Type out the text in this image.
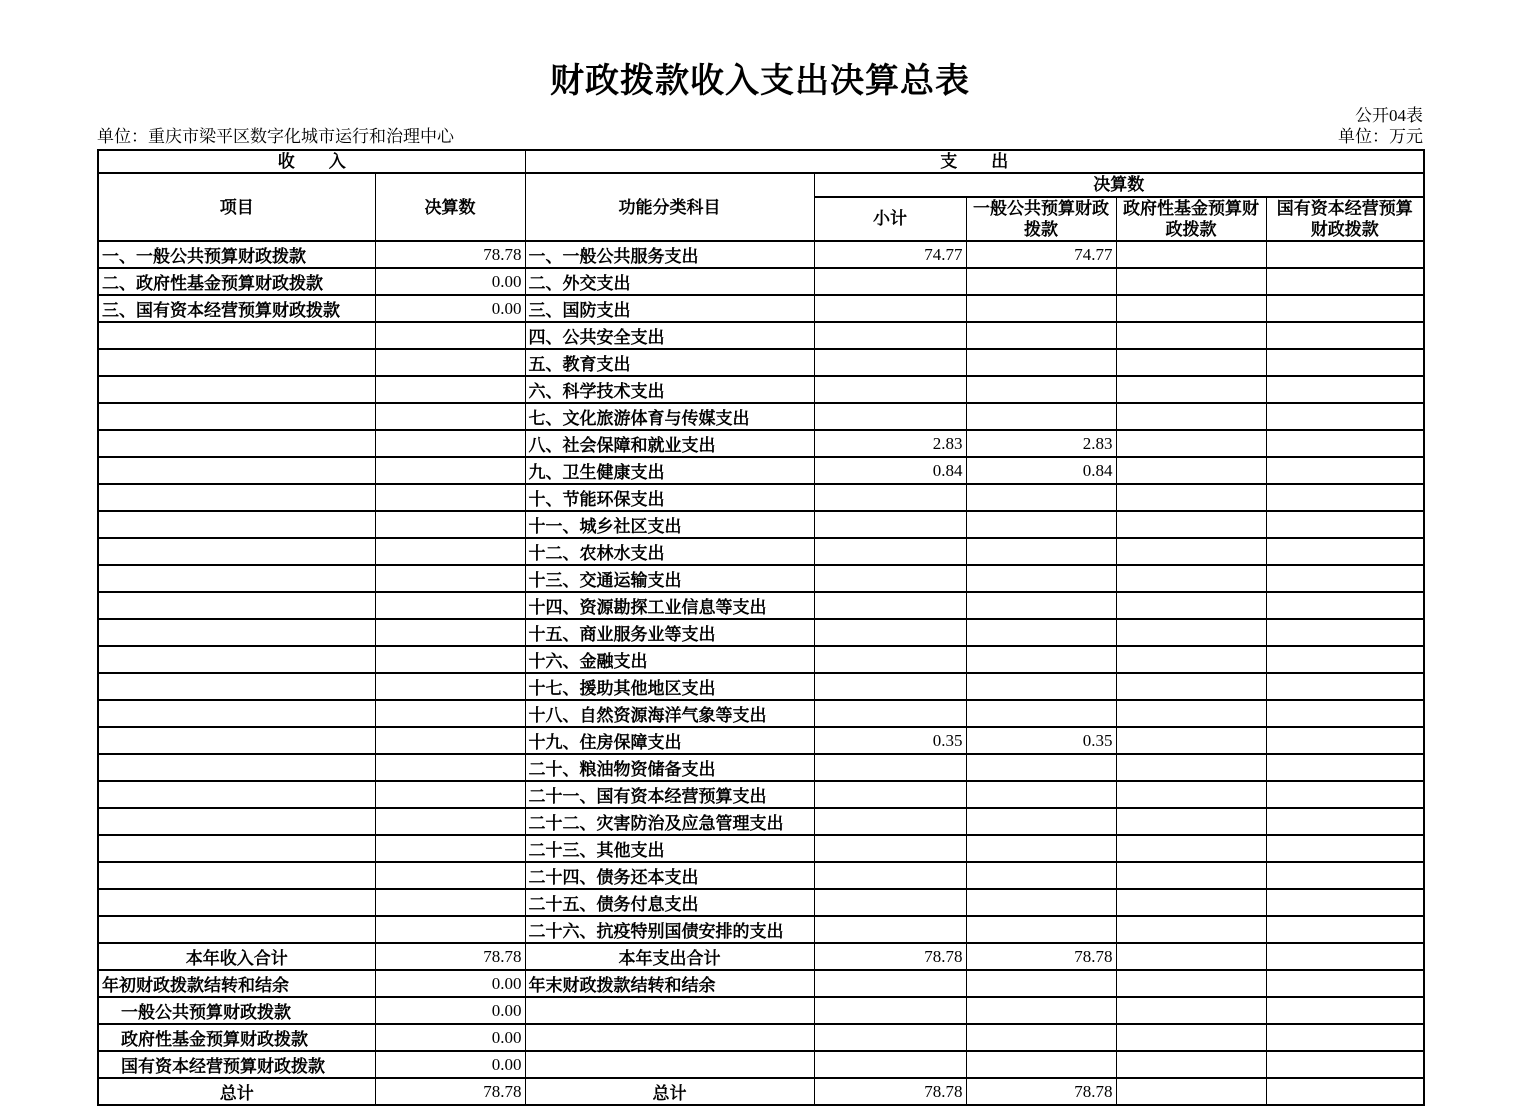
财政拨款收入支出决算总表
公开04表
单位：重庆市梁平区数字化城市运行和治理中心	单位：万元
收　　入		支　　出				
项目	决算数	功能分类科目	决算数			
			小计	一般公共预算财政拨款	政府性基金预算财政拨款	国有资本经营预算财政拨款
一、一般公共预算财政拨款	78.78	一、一般公共服务支出	74.77	74.77		
二、政府性基金预算财政拨款	0.00	二、外交支出				
三、国有资本经营预算财政拨款	0.00	三、国防支出				
		四、公共安全支出				
		五、教育支出				
		六、科学技术支出				
		七、文化旅游体育与传媒支出				
		八、社会保障和就业支出	2.83	2.83		
		九、卫生健康支出	0.84	0.84		
		十、节能环保支出				
		十一、城乡社区支出				
		十二、农林水支出				
		十三、交通运输支出				
		十四、资源勘探工业信息等支出				
		十五、商业服务业等支出				
		十六、金融支出				
		十七、援助其他地区支出				
		十八、自然资源海洋气象等支出				
		十九、住房保障支出	0.35	0.35		
		二十、粮油物资储备支出				
		二十一、国有资本经营预算支出				
		二十二、灾害防治及应急管理支出				
		二十三、其他支出				
		二十四、债务还本支出				
		二十五、债务付息支出				
		二十六、抗疫特别国债安排的支出				
本年收入合计	78.78	本年支出合计	78.78	78.78		
年初财政拨款结转和结余	0.00	年末财政拨款结转和结余				
一般公共预算财政拨款	0.00					
政府性基金预算财政拨款	0.00					
国有资本经营预算财政拨款	0.00					
总计	78.78	总计	78.78	78.78		
